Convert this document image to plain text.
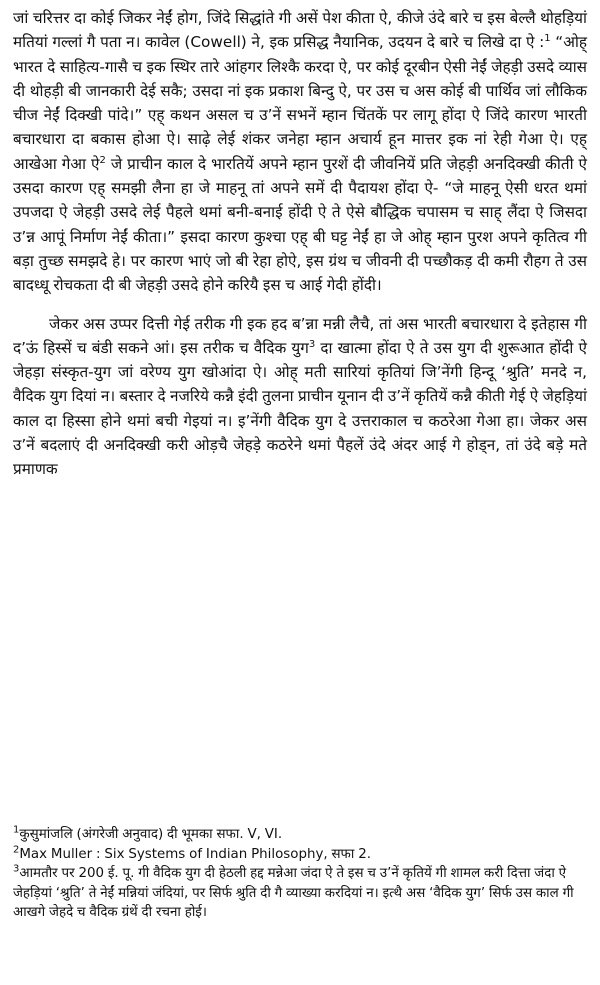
जां चरित्तर दा कोई जिकर नेईं होग, जिंदे सिद्धांते गी असें पेश कीता ऐ, कीजे उंदे बारे च इस बेल्लै थोहड़ियां मतियां गल्लां गै पता न। कावेल (Cowell) ने, इक प्रसिद्ध नैयानिक, उदयन दे बारे च लिखे दा ऐ :$^1$ “ओह् भारत दे साहित्य-गासै च इक स्थिर तारे आंहगर लिश्कै करदा ऐ, पर कोई दूरबीन ऐसी नेईं जेहड़ी उसदे व्यास दी थोहड़ी बी जानकारी देई सकै; उसदा नां इक प्रकाश बिन्दु ऐ, पर उस च अस कोई बी पार्थिव जां लौकिक चीज नेईं दिक्खी पांदे।” एह् कथन असल च उ’नें सभनें म्हान चिंतकें पर लागू होंदा ऐ जिंदे कारण भारती बचारधारा दा बकास होआ ऐ। साढ़े लेई शंकर जनेहा म्हान अचार्य हून मात्तर इक नां रेही गेआ ऐ। एह् आखेआ गेआ ऐ$^2$ जे प्राचीन काल दे भारतियें अपने म्हान पुरशें दी जीवनियें प्रति जेहड़ी अनदिक्खी कीती ऐ उसदा कारण एह् समझी लैना हा जे माहनू तां अपने समें दी पैदायश होंदा ऐ- “जे माहनू ऐसी धरत थमां उपजदा ऐ जेहड़ी उसदे लेई पैहले थमां बनी-बनाई होंदी ऐ ते ऐसे बौद्धिक चपासम च साह् लैंदा ऐ जिसदा उ’न्न आपूं निर्माण नेईं कीता।” इसदा कारण कुश्चा एह् बी घट्ट नेईं हा जे ओह् म्हान पुरश अपने कृतित्व गी बड़ा तुच्छ समझदे हे। पर कारण भाएं जो बी रेहा होऐ, इस ग्रंथ च जीवनी दी पच्छौकड़ दी कमी रौहग ते उस बादध्धू रोचकता दी बी जेहड़ी उसदे होने करियै इस च आई गेदी होंदी।

जेकर अस उप्पर दित्ती गेई तरीक गी इक हद ब’न्ना मन्नी लैचै, तां अस भारती बचारधारा दे इतेहास गी द’ऊं हिस्सें च बंडी सकने आं। इस तरीक च वैदिक युग$^3$ दा खात्मा होंदा ऐ ते उस युग दी शुरूआत होंदी ऐ जेहड़ा संस्कृत-युग जां वरेण्य युग खोआंदा ऐ। ओह् मती सारियां कृतियां जि’नेंगी हिन्दू ‘श्रुति’ मनदे न, वैदिक युग दियां न। बस्तार दे नजरिये कन्नै इंदी तुलना प्राचीन यूनान दी उ’नें कृतियें कन्नै कीती गेई ऐ जेहड़ियां काल दा हिस्सा होने थमां बची गेइयां न। इ’नेंगी वैदिक युग दे उत्तराकाल च कठरेआ गेआ हा। जेकर अस उ’नें बदलाएं दी अनदिक्खी करी ओड़चै जेहड़े कठरेने थमां पैहलें उंदे अंदर आई गे होड्न, तां उंदे बड़े मते प्रमाणक

$^1$कुसुमांजलि (अंगरेजी अनुवाद) दी भूमका सफा. V, VI.

$^2$Max Muller : Six Systems of Indian Philosophy, सफा 2.

$^3$आमतौर पर 200 ई. पू. गी वैदिक युग दी हेठली हद्द मन्नेआ जंदा ऐ ते इस च उ’नें कृतियें गी शामल करी दित्ता जंदा ऐ जेहड़ियां ‘श्रुति’ ते नेईं मन्नियां जंदियां, पर सिर्फ श्रुति दी गै व्याख्या करदियां न। इत्थै अस ‘वैदिक युग’ सिर्फ उस काल गी आखगे जेहदे च वैदिक ग्रंथें दी रचना होई।
